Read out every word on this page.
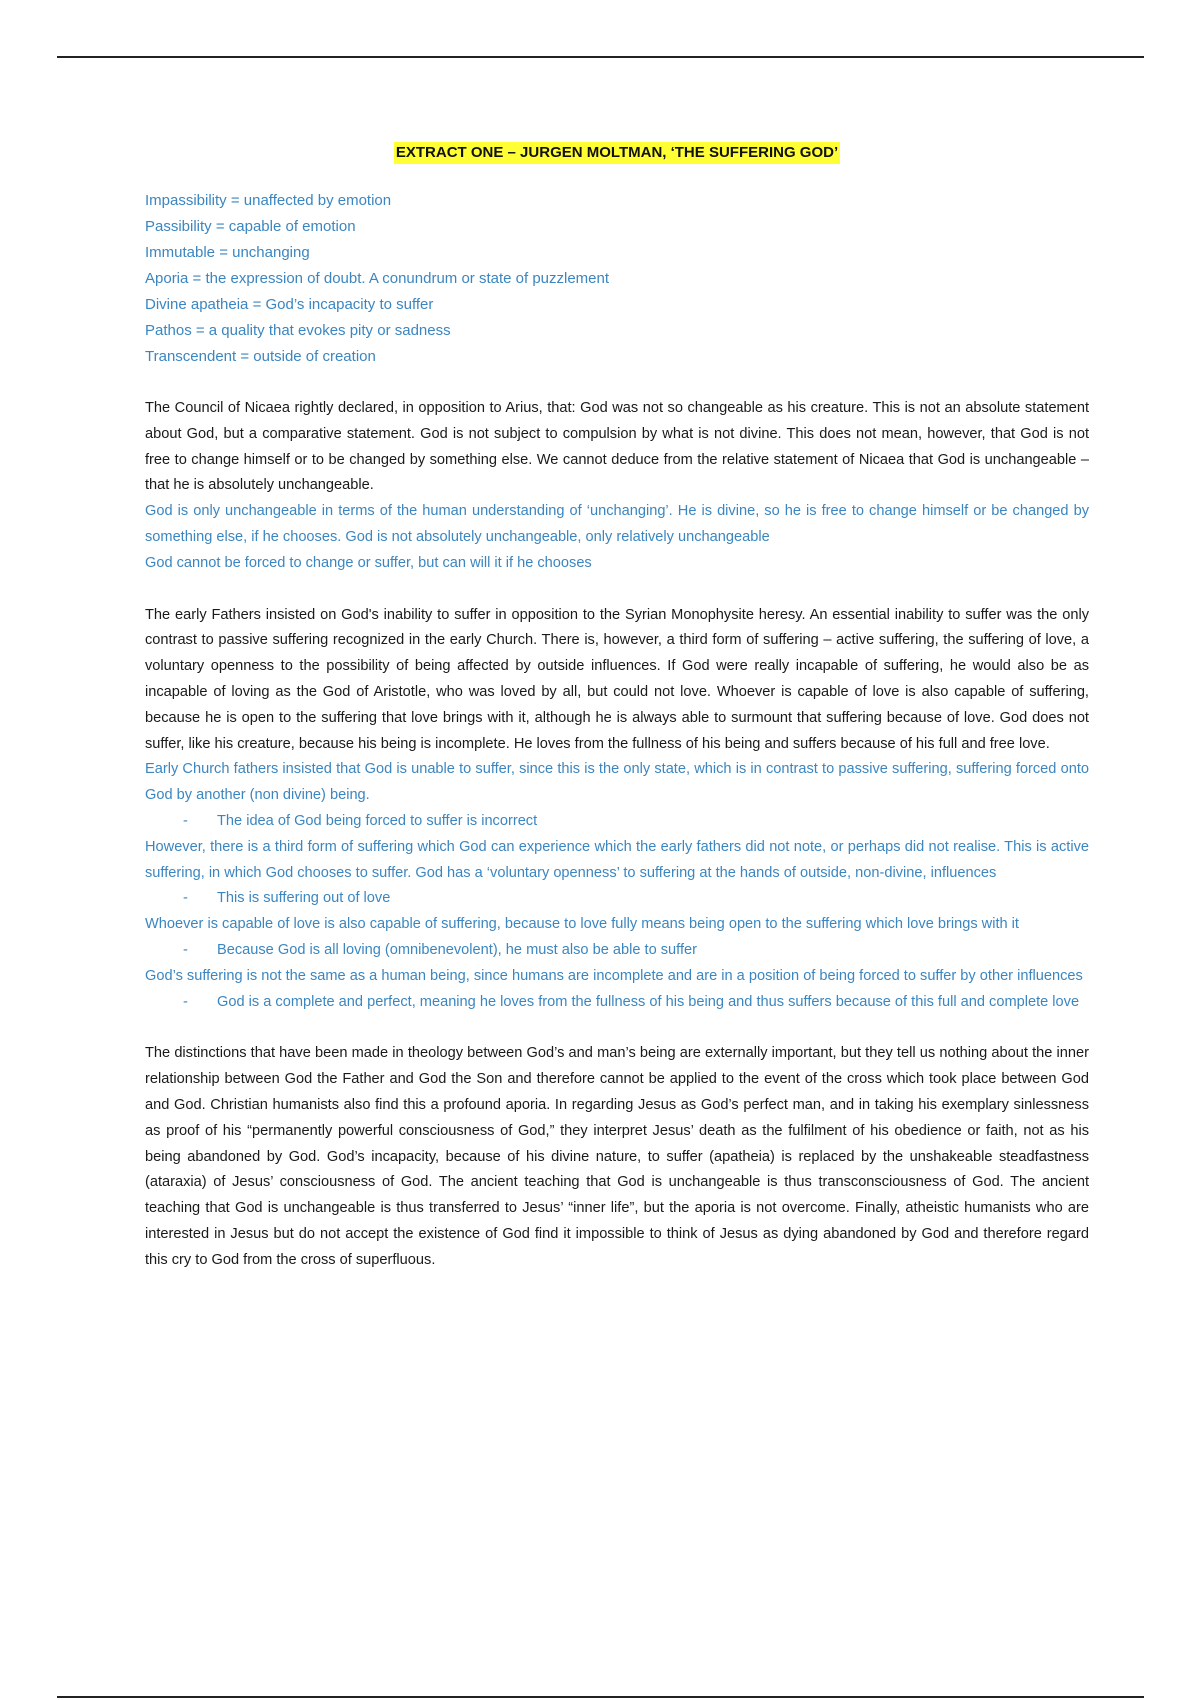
EXTRACT ONE – JURGEN MOLTMAN, ‘THE SUFFERING GOD’
Impassibility = unaffected by emotion
Passibility = capable of emotion
Immutable = unchanging
Aporia = the expression of doubt. A conundrum or state of puzzlement
Divine apatheia = God’s incapacity to suffer
Pathos = a quality that evokes pity or sadness
Transcendent = outside of creation

The Council of Nicaea rightly declared, in opposition to Arius, that: God was not so changeable as his creature. This is not an absolute statement about God, but a comparative statement. God is not subject to compulsion by what is not divine. This does not mean, however, that God is not free to change himself or to be changed by something else. We cannot deduce from the relative statement of Nicaea that God is unchangeable – that he is absolutely unchangeable.

God is only unchangeable in terms of the human understanding of ‘unchanging’. He is divine, so he is free to change himself or be changed by something else, if he chooses. God is not absolutely unchangeable, only relatively unchangeable

God cannot be forced to change or suffer, but can will it if he chooses

The early Fathers insisted on God's inability to suffer in opposition to the Syrian Monophysite heresy. An essential inability to suffer was the only contrast to passive suffering recognized in the early Church. There is, however, a third form of suffering – active suffering, the suffering of love, a voluntary openness to the possibility of being affected by outside influences. If God were really incapable of suffering, he would also be as incapable of loving as the God of Aristotle, who was loved by all, but could not love. Whoever is capable of love is also capable of suffering, because he is open to the suffering that love brings with it, although he is always able to surmount that suffering because of love. God does not suffer, like his creature, because his being is incomplete. He loves from the fullness of his being and suffers because of his full and free love.

Early Church fathers insisted that God is unable to suffer, since this is the only state, which is in contrast to passive suffering, suffering forced onto God by another (non divine) being.

- The idea of God being forced to suffer is incorrect

However, there is a third form of suffering which God can experience which the early fathers did not note, or perhaps did not realise. This is active suffering, in which God chooses to suffer. God has a ‘voluntary openness’ to suffering at the hands of outside, non-divine, influences

- This is suffering out of love

Whoever is capable of love is also capable of suffering, because to love fully means being open to the suffering which love brings with it

- Because God is all loving (omnibenevolent), he must also be able to suffer

God’s suffering is not the same as a human being, since humans are incomplete and are in a position of being forced to suffer by other influences

- God is a complete and perfect, meaning he loves from the fullness of his being and thus suffers because of this full and complete love

The distinctions that have been made in theology between God’s and man’s being are externally important, but they tell us nothing about the inner relationship between God the Father and God the Son and therefore cannot be applied to the event of the cross which took place between God and God. Christian humanists also find this a profound aporia. In regarding Jesus as God’s perfect man, and in taking his exemplary sinlessness as proof of his “permanently powerful consciousness of God,” they interpret Jesus’ death as the fulfilment of his obedience or faith, not as his being abandoned by God. God’s incapacity, because of his divine nature, to suffer (apatheia) is replaced by the unshakeable steadfastness (ataraxia) of Jesus’ consciousness of God. The ancient teaching that God is unchangeable is thus transconsciousness of God. The ancient teaching that God is unchangeable is thus transferred to Jesus’ “inner life”, but the aporia is not overcome. Finally, atheistic humanists who are interested in Jesus but do not accept the existence of God find it impossible to think of Jesus as dying abandoned by God and therefore regard this cry to God from the cross of superfluous.
